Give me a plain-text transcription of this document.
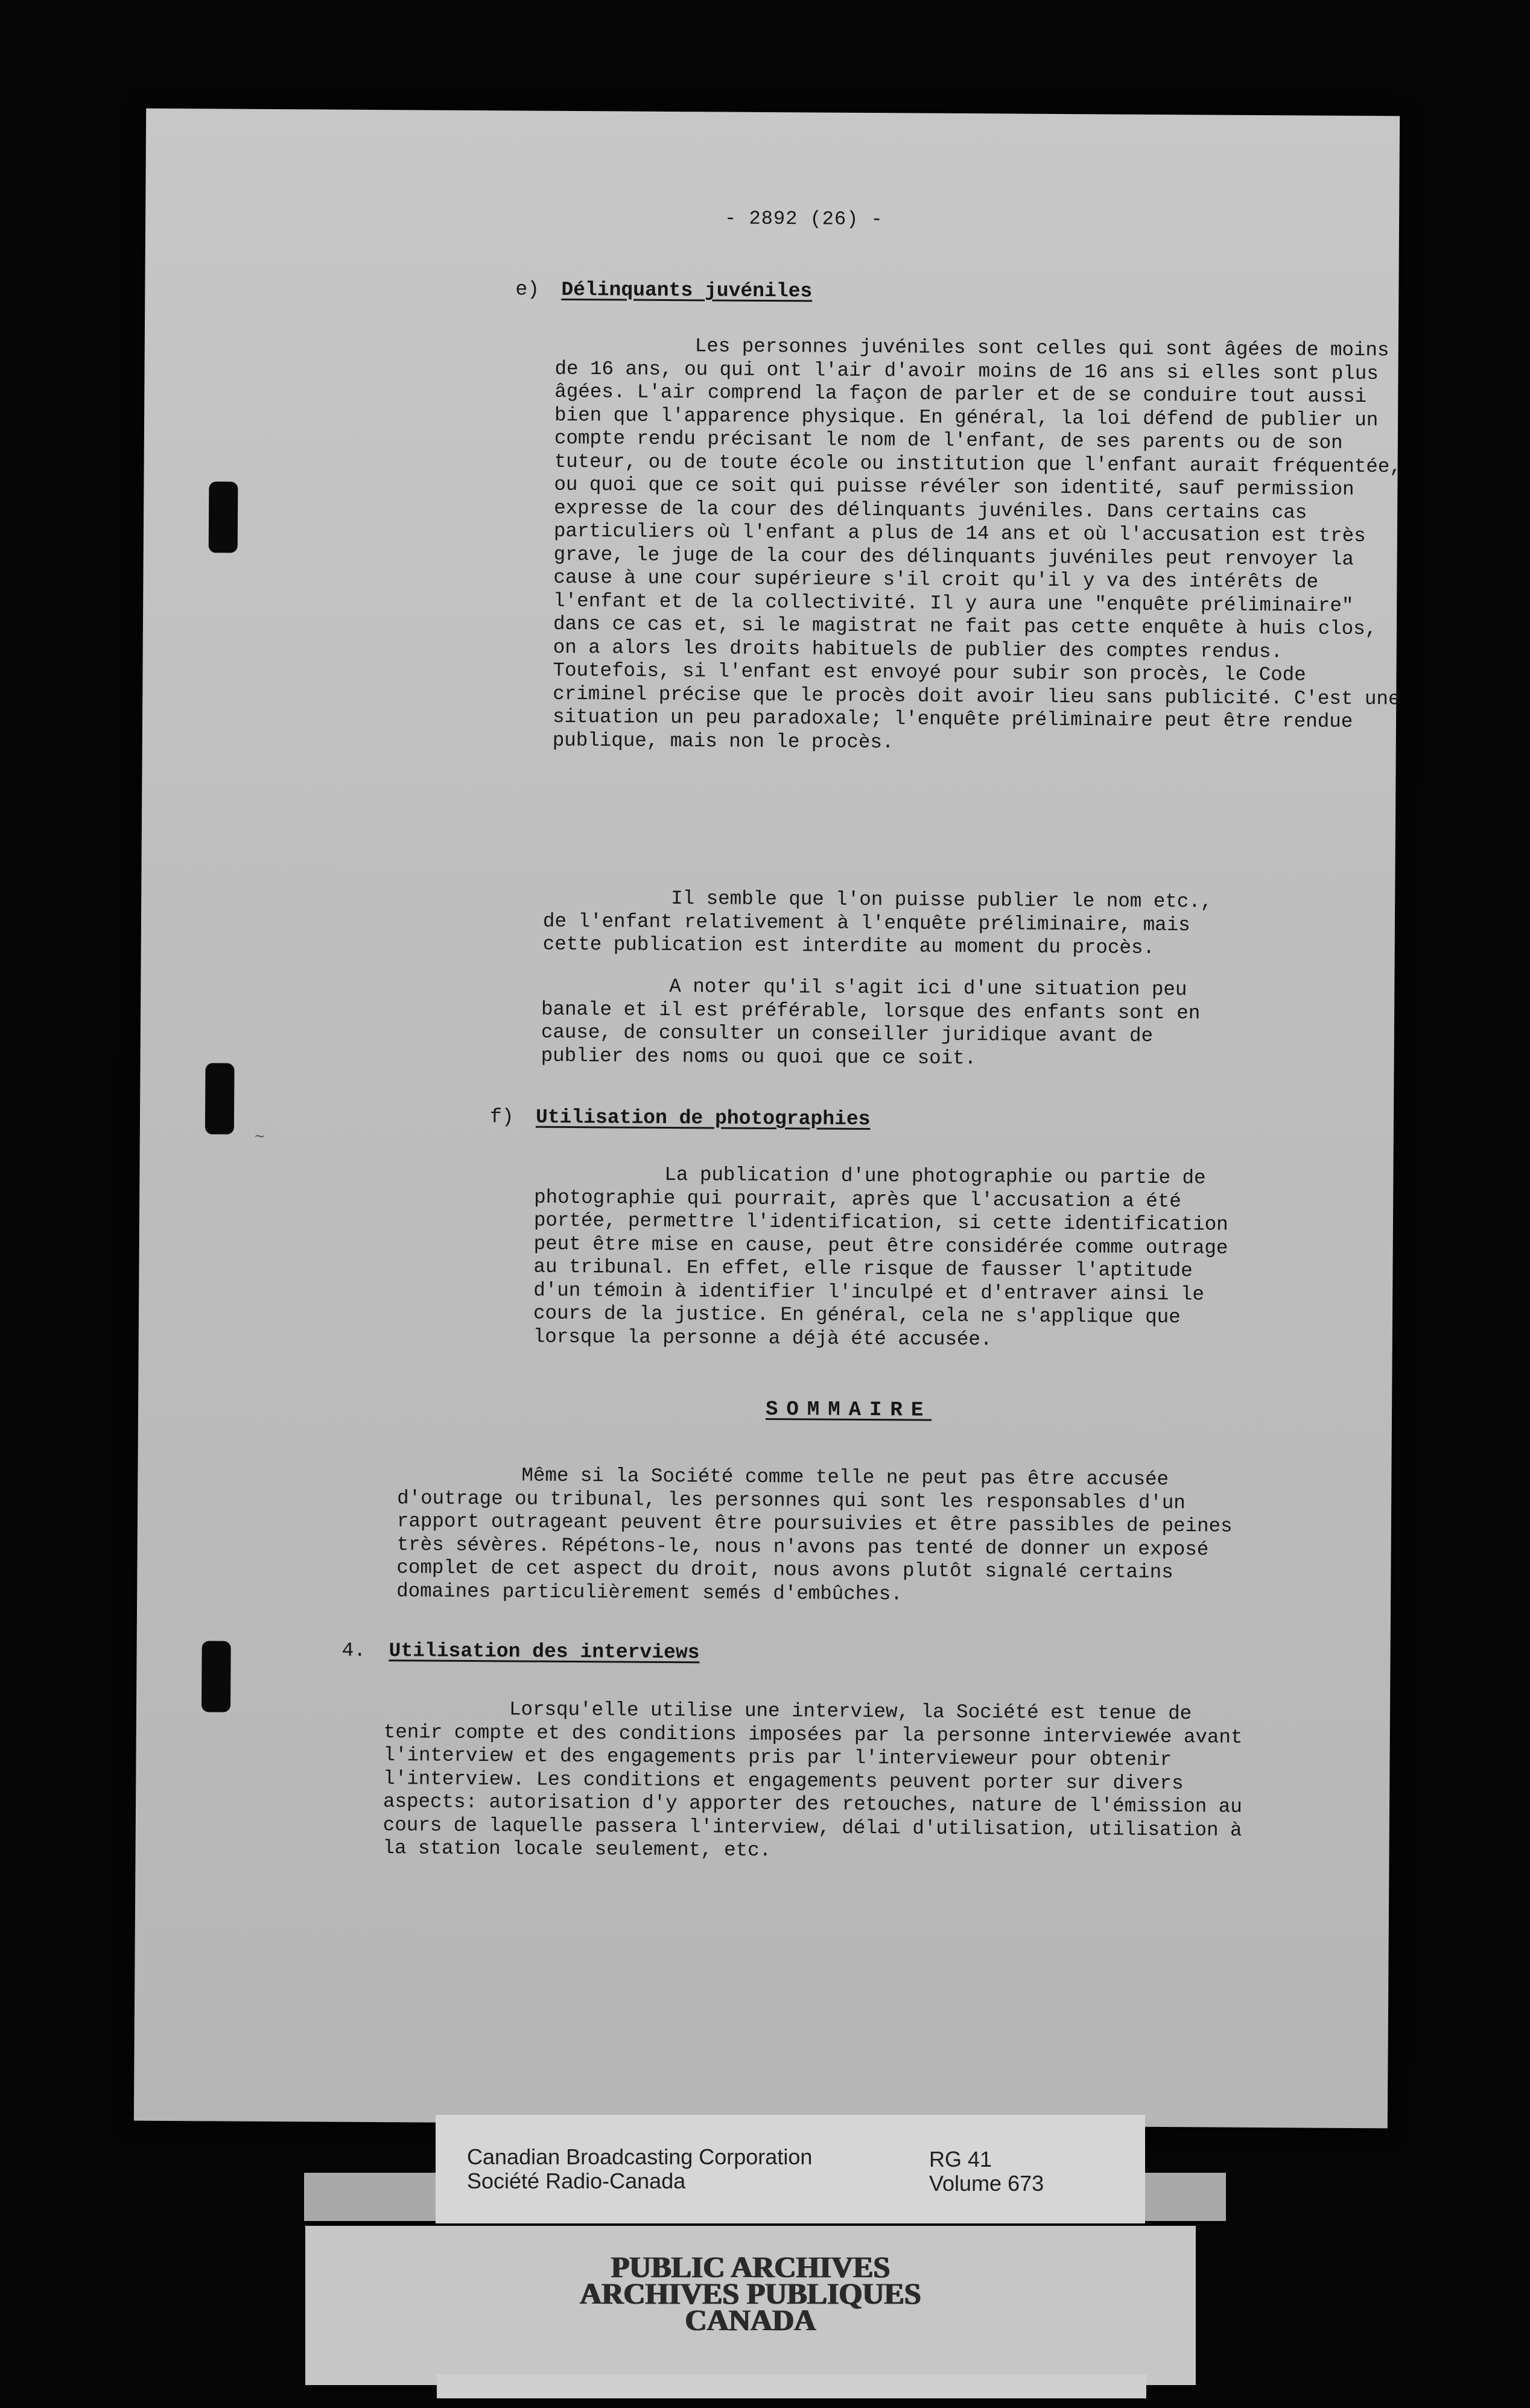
- 2892 (26) -
e) Délinquants juvéniles

Les personnes juvéniles sont celles qui sont âgées de moins de 16 ans, ou qui ont l'air d'avoir moins de 16 ans si elles sont plus âgées. L'air comprend la façon de parler et de se conduire tout aussi bien que l'apparence physique. En général, la loi défend de publier un compte rendu précisant le nom de l'enfant, de ses parents ou de son tuteur, ou de toute école ou institution que l'enfant aurait fréquentée, ou quoi que ce soit qui puisse révéler son identité, sauf permission expresse de la cour des délinquants juvéniles. Dans certains cas particuliers où l'enfant a plus de 14 ans et où l'accusation est très grave, le juge de la cour des délinquants juvéniles peut renvoyer la cause à une cour supérieure s'il croit qu'il y va des intérêts de l'enfant et de la collectivité. Il y aura une "enquête préliminaire" dans ce cas et, si le magistrat ne fait pas cette enquête à huis clos, on a alors les droits habituels de publier des comptes rendus. Toutefois, si l'enfant est envoyé pour subir son procès, le Code criminel précise que le procès doit avoir lieu sans publicité. C'est une situation un peu paradoxale; l'enquête préliminaire peut être rendue publique, mais non le procès.

Il semble que l'on puisse publier le nom etc., de l'enfant relativement à l'enquête préliminaire, mais cette publication est interdite au moment du procès.

A noter qu'il s'agit ici d'une situation peu banale et il est préférable, lorsque des enfants sont en cause, de consulter un conseiller juridique avant de publier des noms ou quoi que ce soit.

f) Utilisation de photographies
~

La publication d'une photographie ou partie de photographie qui pourrait, après que l'accusation a été portée, permettre l'identification, si cette identification peut être mise en cause, peut être considérée comme outrage au tribunal. En effet, elle risque de fausser l'aptitude d'un témoin à identifier l'inculpé et d'entraver ainsi le cours de la justice. En général, cela ne s'applique que lorsque la personne a déjà été accusée.

SOMMAIRE

Même si la Société comme telle ne peut pas être accusée d'outrage ou tribunal, les personnes qui sont les responsables d'un rapport outrageant peuvent être poursuivies et être passibles de peines très sévères. Répétons-le, nous n'avons pas tenté de donner un exposé complet de cet aspect du droit, nous avons plutôt signalé certains domaines particulièrement semés d'embûches.

4. Utilisation des interviews

Lorsqu'elle utilise une interview, la Société est tenue de tenir compte et des conditions imposées par la personne interviewée avant l'interview et des engagements pris par l'intervieweur pour obtenir l'interview. Les conditions et engagements peuvent porter sur divers aspects: autorisation d'y apporter des retouches, nature de l'émission au cours de laquelle passera l'interview, délai d'utilisation, utilisation à la station locale seulement, etc.

Canadian Broadcasting Corporation
Société Radio-Canada
RG 41
Volume 673
PUBLIC ARCHIVES
ARCHIVES PUBLIQUES
CANADA
